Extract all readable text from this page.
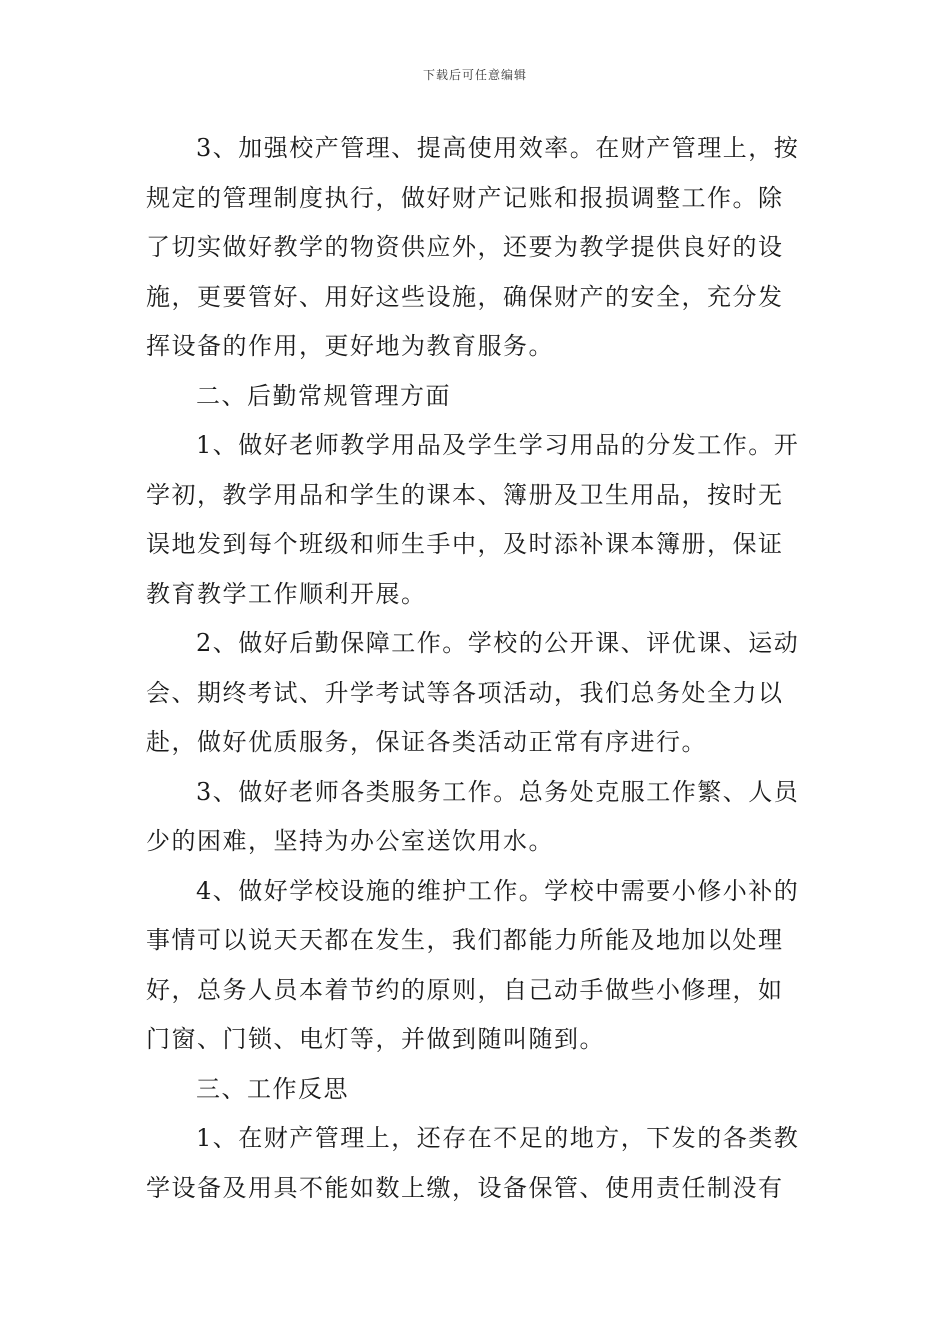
下载后可任意编辑
3、加强校产管理、提高使用效率。在财产管理上，按
规定的管理制度执行，做好财产记账和报损调整工作。除
了切实做好教学的物资供应外，还要为教学提供良好的设
施，更要管好、用好这些设施，确保财产的安全，充分发
挥设备的作用，更好地为教育服务。
二、后勤常规管理方面
1、做好老师教学用品及学生学习用品的分发工作。开
学初，教学用品和学生的课本、簿册及卫生用品，按时无
误地发到每个班级和师生手中，及时添补课本簿册，保证
教育教学工作顺利开展。
2、做好后勤保障工作。学校的公开课、评优课、运动
会、期终考试、升学考试等各项活动，我们总务处全力以
赴，做好优质服务，保证各类活动正常有序进行。
3、做好老师各类服务工作。总务处克服工作繁、人员
少的困难，坚持为办公室送饮用水。
4、做好学校设施的维护工作。学校中需要小修小补的
事情可以说天天都在发生，我们都能力所能及地加以处理
好，总务人员本着节约的原则，自己动手做些小修理，如
门窗、门锁、电灯等，并做到随叫随到。
三、工作反思
1、在财产管理上，还存在不足的地方，下发的各类教
学设备及用具不能如数上缴，设备保管、使用责任制没有
